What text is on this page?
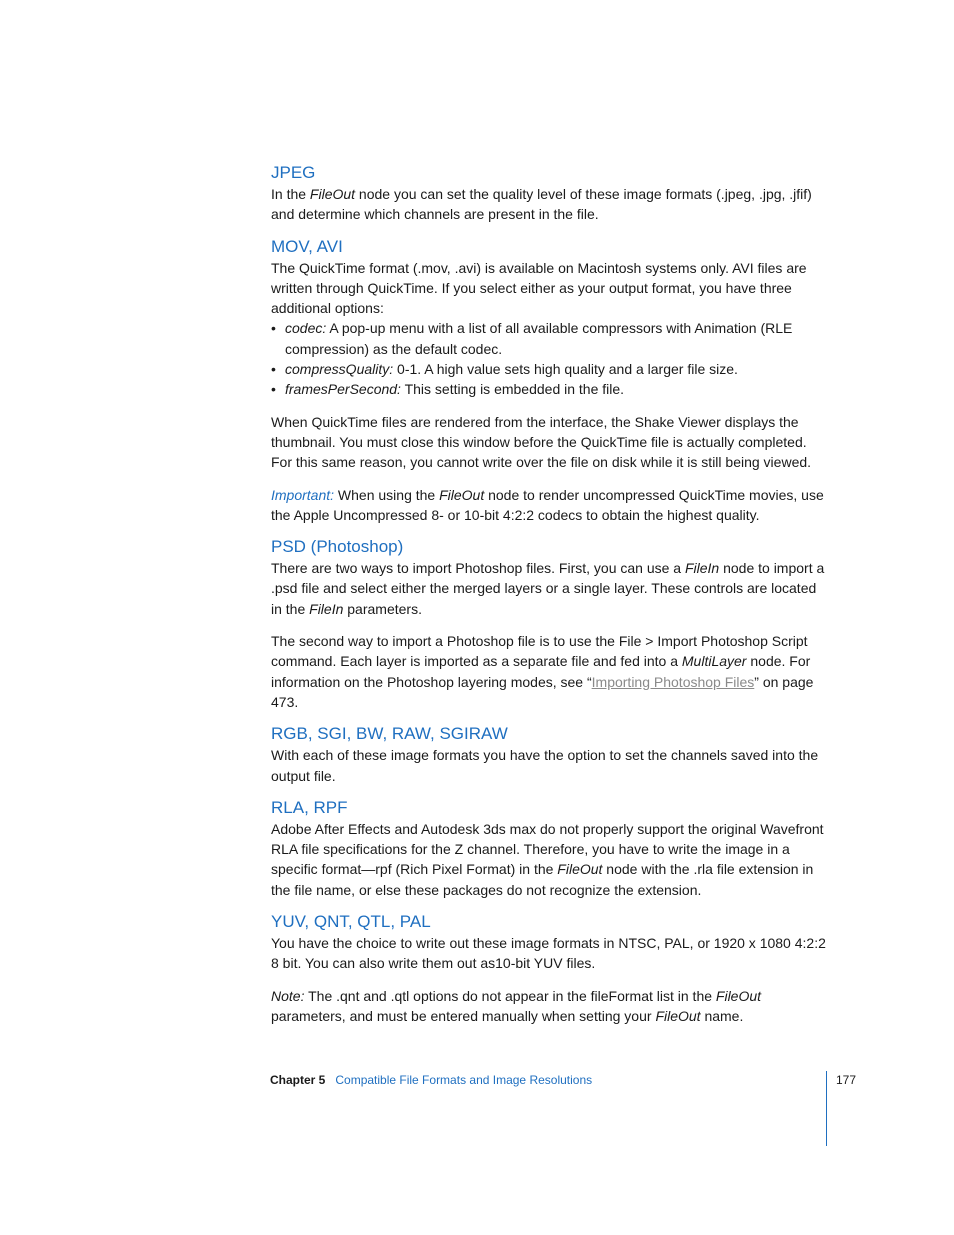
JPEG

In the FileOut node you can set the quality level of these image formats (.jpeg, .jpg, .jfif) and determine which channels are present in the file.

MOV, AVI

The QuickTime format (.mov, .avi) is available on Macintosh systems only. AVI files are written through QuickTime. If you select either as your output format, you have three additional options:

• codec: A pop-up menu with a list of all available compressors with Animation (RLE compression) as the default codec.
• compressQuality: 0-1. A high value sets high quality and a larger file size.
• framesPerSecond: This setting is embedded in the file.

When QuickTime files are rendered from the interface, the Shake Viewer displays the thumbnail. You must close this window before the QuickTime file is actually completed. For this same reason, you cannot write over the file on disk while it is still being viewed.

Important: When using the FileOut node to render uncompressed QuickTime movies, use the Apple Uncompressed 8- or 10-bit 4:2:2 codecs to obtain the highest quality.

PSD (Photoshop)

There are two ways to import Photoshop files. First, you can use a FileIn node to import a .psd file and select either the merged layers or a single layer. These controls are located in the FileIn parameters.

The second way to import a Photoshop file is to use the File > Import Photoshop Script command. Each layer is imported as a separate file and fed into a MultiLayer node. For information on the Photoshop layering modes, see “Importing Photoshop Files” on page 473.

RGB, SGI, BW, RAW, SGIRAW

With each of these image formats you have the option to set the channels saved into the output file.

RLA, RPF

Adobe After Effects and Autodesk 3ds max do not properly support the original Wavefront RLA file specifications for the Z channel. Therefore, you have to write the image in a specific format—rpf (Rich Pixel Format) in the FileOut node with the .rla file extension in the file name, or else these packages do not recognize the extension.

YUV, QNT, QTL, PAL

You have the choice to write out these image formats in NTSC, PAL, or 1920 x 1080 4:2:2 8 bit. You can also write them out as10-bit YUV files.

Note: The .qnt and .qtl options do not appear in the fileFormat list in the FileOut parameters, and must be entered manually when setting your FileOut name.

Chapter 5 Compatible File Formats and Image Resolutions	177
